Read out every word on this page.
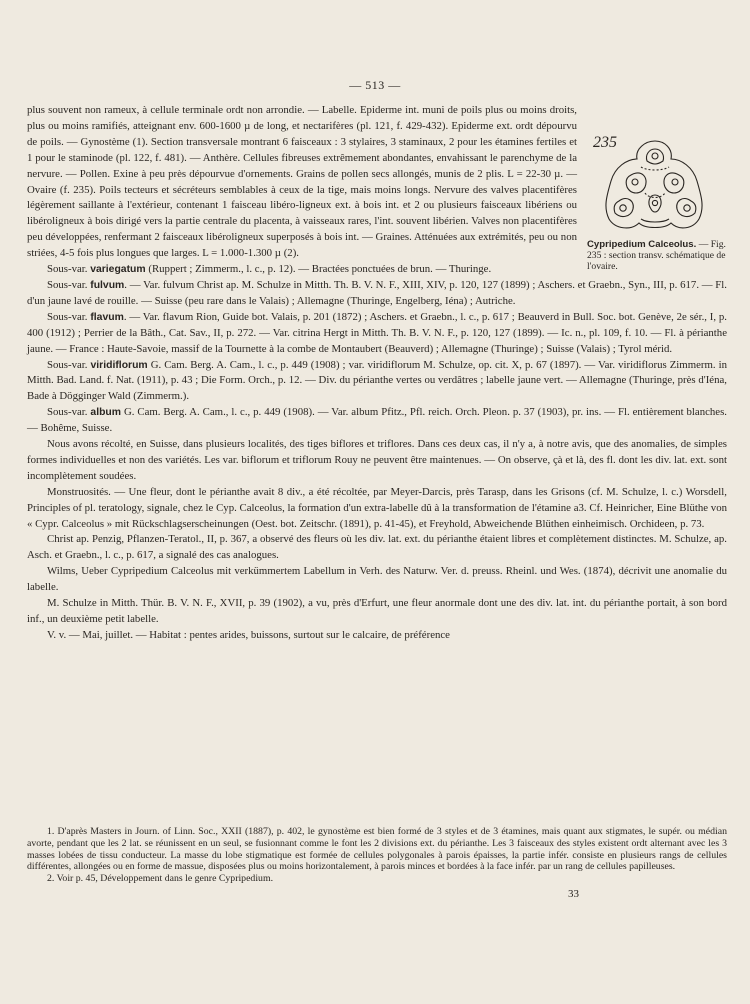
— 513 —
235
Cypripedium Calceolus. — Fig. 235 : section transv. schématique de l'ovaire.

plus souvent non rameux, à cellule terminale ordt non arrondie. — Labelle. Epiderme int. muni de poils plus ou moins droits, plus ou moins ramifiés, atteignant env. 600-1600 µ de long, et nectarifères (pl. 121, f. 429-432). Epiderme ext. ordt dépourvu de poils. — Gynostème (1). Section transversale montrant 6 faisceaux : 3 stylaires, 3 staminaux, 2 pour les étamines fertiles et 1 pour le staminode (pl. 122, f. 481). — Anthère. Cellules fibreuses extrêmement abondantes, envahissant le parenchyme de la nervure. — Pollen. Exine à peu près dépourvue d'ornements. Grains de pollen secs allongés, munis de 2 plis. L = 22-30 µ. — Ovaire (f. 235). Poils tecteurs et sécréteurs semblables à ceux de la tige, mais moins longs. Nervure des valves placentifères légèrement saillante à l'extérieur, contenant 1 faisceau libéro-ligneux ext. à bois int. et 2 ou plusieurs faisceaux libériens ou libéroligneux à bois dirigé vers la partie centrale du placenta, à vaisseaux rares, l'int. souvent libérien. Valves non placentifères peu développées, renfermant 2 faisceaux libéroligneux superposés à bois int. — Graines. Atténuées aux extrémités, peu ou non striées, 4-5 fois plus longues que larges. L = 1.000-1.300 µ (2).

Sous-var. variegatum (Ruppert ; Zimmerm., l. c., p. 12). — Bractées ponctuées de brun. — Thuringe.

Sous-var. fulvum. — Var. fulvum Christ ap. M. Schulze in Mitth. Th. B. V. N. F., XIII, XIV, p. 120, 127 (1899) ; Aschers. et Graebn., Syn., III, p. 617. — Fl. d'un jaune lavé de rouille. — Suisse (peu rare dans le Valais) ; Allemagne (Thuringe, Engelberg, Iéna) ; Autriche.

Sous-var. flavum. — Var. flavum Rion, Guide bot. Valais, p. 201 (1872) ; Aschers. et Graebn., l. c., p. 617 ; Beauverd in Bull. Soc. bot. Genève, 2e sér., I, p. 400 (1912) ; Perrier de la Bâth., Cat. Sav., II, p. 272. — Var. citrina Hergt in Mitth. Th. B. V. N. F., p. 120, 127 (1899). — Ic. n., pl. 109, f. 10. — Fl. à périanthe jaune. — France : Haute-Savoie, massif de la Tournette à la combe de Montaubert (Beauverd) ; Allemagne (Thuringe) ; Suisse (Valais) ; Tyrol mérid.

Sous-var. viridiflorum G. Cam. Berg. A. Cam., l. c., p. 449 (1908) ; var. viridiflorum M. Schulze, op. cit. X, p. 67 (1897). — Var. viridiflorus Zimmerm. in Mitth. Bad. Land. f. Nat. (1911), p. 43 ; Die Form. Orch., p. 12. — Div. du périanthe vertes ou verdâtres ; labelle jaune vert. — Allemagne (Thuringe, près d'Iéna, Bade à Dögginger Wald (Zimmerm.).

Sous-var. album G. Cam. Berg. A. Cam., l. c., p. 449 (1908). — Var. album Pfitz., Pfl. reich. Orch. Pleon. p. 37 (1903), pr. ins. — Fl. entièrement blanches. — Bohême, Suisse.

Nous avons récolté, en Suisse, dans plusieurs localités, des tiges biflores et triflores. Dans ces deux cas, il n'y a, à notre avis, que des anomalies, de simples formes individuelles et non des variétés. Les var. biflorum et triflorum Rouy ne peuvent être maintenues. — On observe, çà et là, des fl. dont les div. lat. ext. sont incomplètement soudées.

Monstruosités. — Une fleur, dont le périanthe avait 8 div., a été récoltée, par Meyer-Darcis, près Tarasp, dans les Grisons (cf. M. Schulze, l. c.) Worsdell, Principles of pl. teratology, signale, chez le Cyp. Calceolus, la formation d'un extra-labelle dû à la transformation de l'étamine a3. Cf. Heinricher, Eine Blüthe von « Cypr. Calceolus » mit Rückschlagserscheinungen (Oest. bot. Zeitschr. (1891), p. 41-45), et Freyhold, Abweichende Blüthen einheimisch. Orchideen, p. 73.

Christ ap. Penzig, Pflanzen-Teratol., II, p. 367, a observé des fleurs où les div. lat. ext. du périanthe étaient libres et complètement distinctes. M. Schulze, ap. Asch. et Graebn., l. c., p. 617, a signalé des cas analogues.

Wilms, Ueber Cypripedium Calceolus mit verkümmertem Labellum in Verh. des Naturw. Ver. d. preuss. Rheinl. und Wes. (1874), décrivit une anomalie du labelle.

M. Schulze in Mitth. Thür. B. V. N. F., XVII, p. 39 (1902), a vu, près d'Erfurt, une fleur anormale dont une des div. lat. int. du périanthe portait, à son bord inf., un deuxième petit labelle.

V. v. — Mai, juillet. — Habitat : pentes arides, buissons, surtout sur le calcaire, de préférence

1. D'après Masters in Journ. of Linn. Soc., XXII (1887), p. 402, le gynostème est bien formé de 3 styles et de 3 étamines, mais quant aux stigmates, le supér. ou médian avorte, pendant que les 2 lat. se réunissent en un seul, se fusionnant comme le font les 2 divisions ext. du périanthe. Les 3 faisceaux des styles existent ordt alternant avec les 3 masses lobées de tissu conducteur. La masse du lobe stigmatique est formée de cellules polygonales à parois épaisses, la partie infér. consiste en plusieurs rangs de cellules différentes, allongées ou en forme de massue, disposées plus ou moins horizontalement, à parois minces et bordées à la face infér. par un rang de cellules papilleuses.

2. Voir p. 45, Développement dans le genre Cypripedium.

33
